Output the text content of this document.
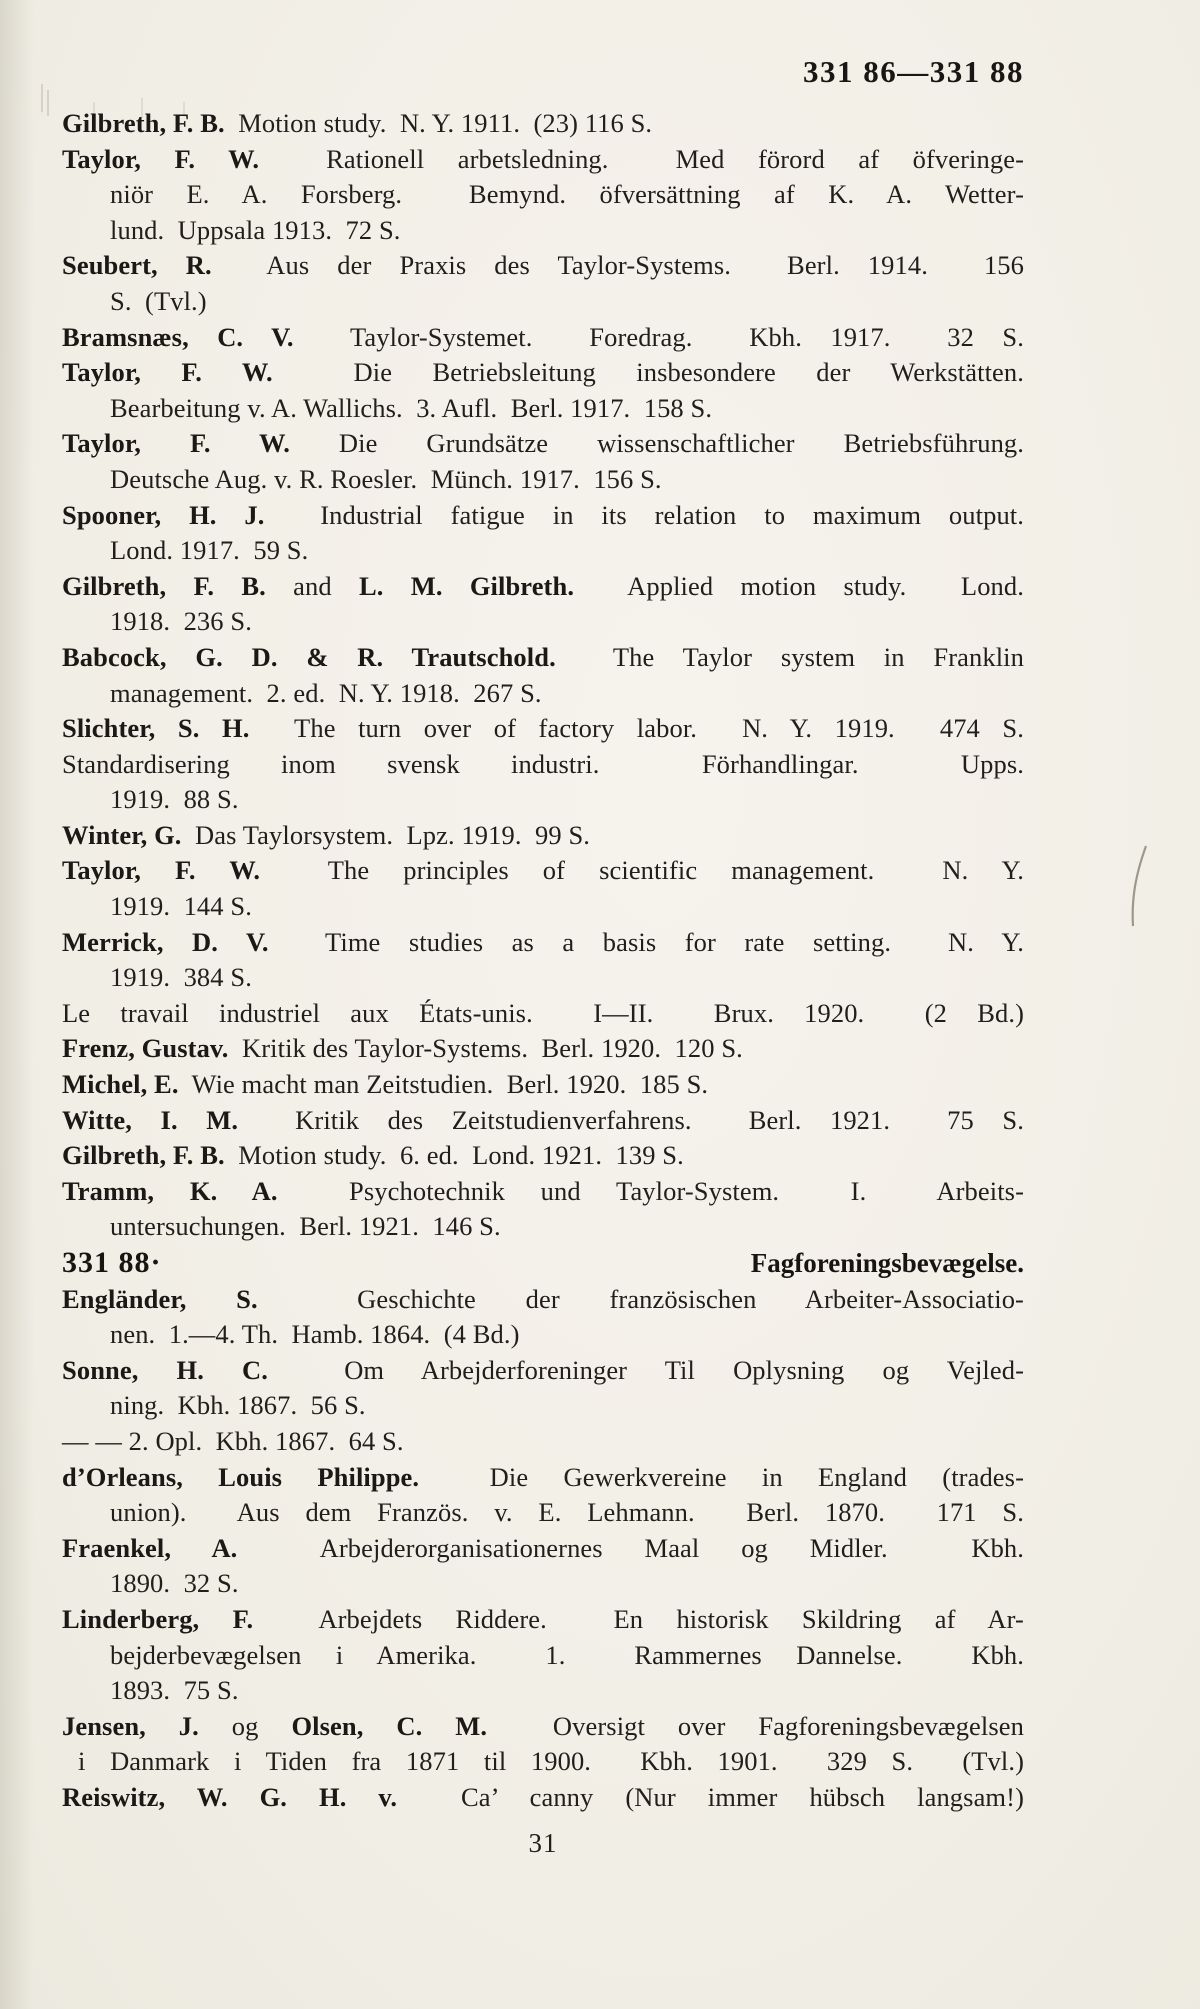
331 86—331 88
Gilbreth, F. B.  Motion study.  N. Y. 1911.  (23) 116 S.
Taylor, F. W.  Rationell arbetsledning.  Med förord af öfveringe-
niör E. A. Forsberg.  Bemynd. öfversättning af K. A. Wetter-
lund.  Uppsala 1913.  72 S.
Seubert, R.  Aus der Praxis des Taylor-Systems.  Berl. 1914.  156
S.  (Tvl.)
Bramsnæs, C. V.  Taylor-Systemet.  Foredrag.  Kbh. 1917.  32 S.
Taylor, F. W.  Die Betriebsleitung insbesondere der Werkstätten.
Bearbeitung v. A. Wallichs.  3. Aufl.  Berl. 1917.  158 S.
Taylor, F. W. Die Grundsätze wissenschaftlicher Betriebsführung.
Deutsche Aug. v. R. Roesler.  Münch. 1917.  156 S.
Spooner, H. J.  Industrial fatigue in its relation to maximum output.
Lond. 1917.  59 S.
Gilbreth, F. B. and L. M. Gilbreth.  Applied motion study.  Lond.
1918.  236 S.
Babcock, G. D. & R. Trautschold.  The Taylor system in Franklin
management.  2. ed.  N. Y. 1918.  267 S.
Slichter, S. H.  The turn over of factory labor.  N. Y. 1919.  474 S.
Standardisering inom svensk industri.  Förhandlingar.  Upps.
1919.  88 S.
Winter, G.  Das Taylorsystem.  Lpz. 1919.  99 S.
Taylor, F. W.  The principles of scientific management.  N. Y.
1919.  144 S.
Merrick, D. V.  Time studies as a basis for rate setting.  N. Y.
1919.  384 S.
Le travail industriel aux États-unis.  I—II.  Brux. 1920.  (2 Bd.)
Frenz, Gustav.  Kritik des Taylor-Systems.  Berl. 1920.  120 S.
Michel, E.  Wie macht man Zeitstudien.  Berl. 1920.  185 S.
Witte, I. M.  Kritik des Zeitstudienverfahrens.  Berl. 1921.  75 S.
Gilbreth, F. B.  Motion study.  6. ed.  Lond. 1921.  139 S.
Tramm, K. A.  Psychotechnik und Taylor-System.  I.  Arbeits-
untersuchungen.  Berl. 1921.  146 S.
331 88·	Fagforeningsbevægelse.
Engländer, S.  Geschichte der französischen Arbeiter-Associatio-
nen.  1.—4. Th.  Hamb. 1864.  (4 Bd.)
Sonne, H. C.  Om Arbejderforeninger Til Oplysning og Vejled-
ning.  Kbh. 1867.  56 S.
— — 2. Opl.  Kbh. 1867.  64 S.
d’Orleans, Louis Philippe.  Die Gewerkvereine in England (trades-
union).  Aus dem Französ. v. E. Lehmann.  Berl. 1870.  171 S.
Fraenkel, A.  Arbejderorganisationernes Maal og Midler.  Kbh.
1890.  32 S.
Linderberg, F.  Arbejdets Riddere.  En historisk Skildring af Ar-
bejderbevægelsen i Amerika.  1.  Rammernes Dannelse.  Kbh.
1893.  75 S.
Jensen, J. og Olsen, C. M.  Oversigt over Fagforeningsbevægelsen
i Danmark i Tiden fra 1871 til 1900.  Kbh. 1901.  329 S.  (Tvl.)
Reiswitz, W. G. H. v.  Ca’ canny (Nur immer hübsch langsam!)
31
